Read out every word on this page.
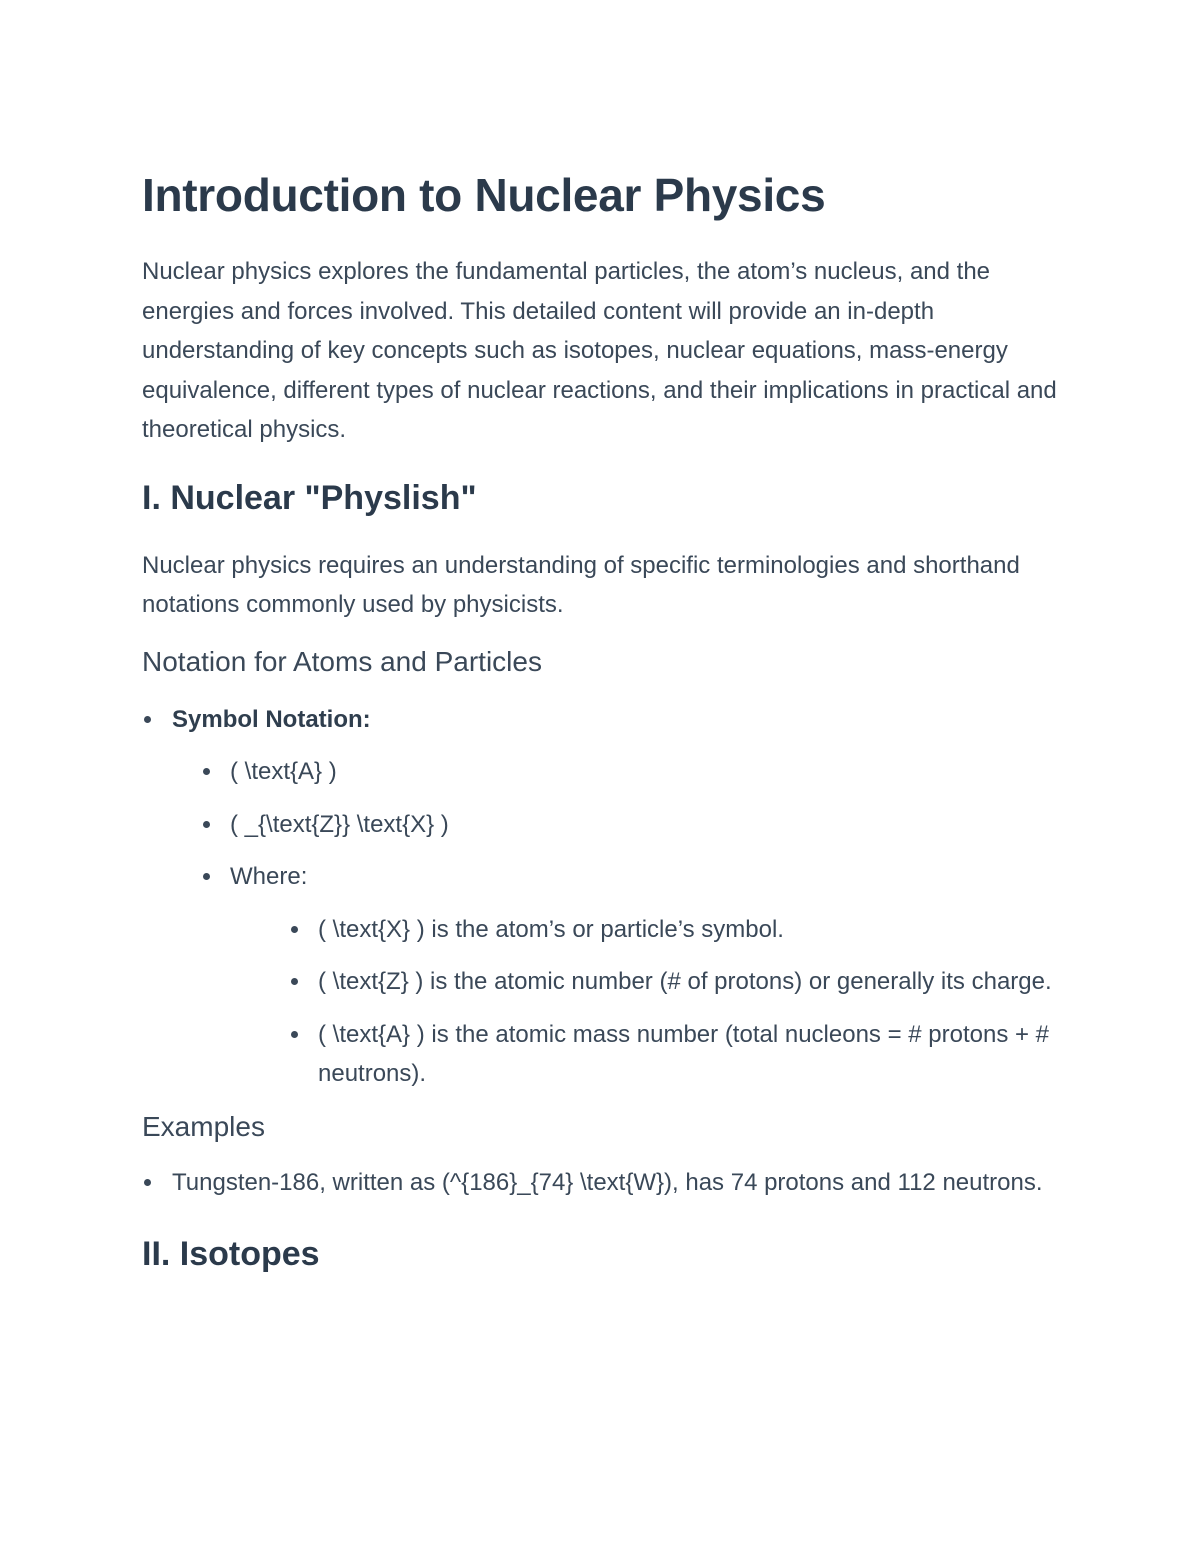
Introduction to Nuclear Physics

Nuclear physics explores the fundamental particles, the atom’s nucleus, and the energies and forces involved. This detailed content will provide an in-depth understanding of key concepts such as isotopes, nuclear equations, mass-energy equivalence, different types of nuclear reactions, and their implications in practical and theoretical physics.

I. Nuclear "Physlish"

Nuclear physics requires an understanding of specific terminologies and shorthand notations commonly used by physicists.

Notation for Atoms and Particles
Symbol Notation:
( \text{A} )
( _{\text{Z}} \text{X} )
Where:
( \text{X} ) is the atom’s or particle’s symbol.
( \text{Z} ) is the atomic number (# of protons) or generally its charge.
( \text{A} ) is the atomic mass number (total nucleons = # protons + # neutrons).
Examples
Tungsten-186, written as (^{186}_{74} \text{W}), has 74 protons and 112 neutrons.
II. Isotopes
